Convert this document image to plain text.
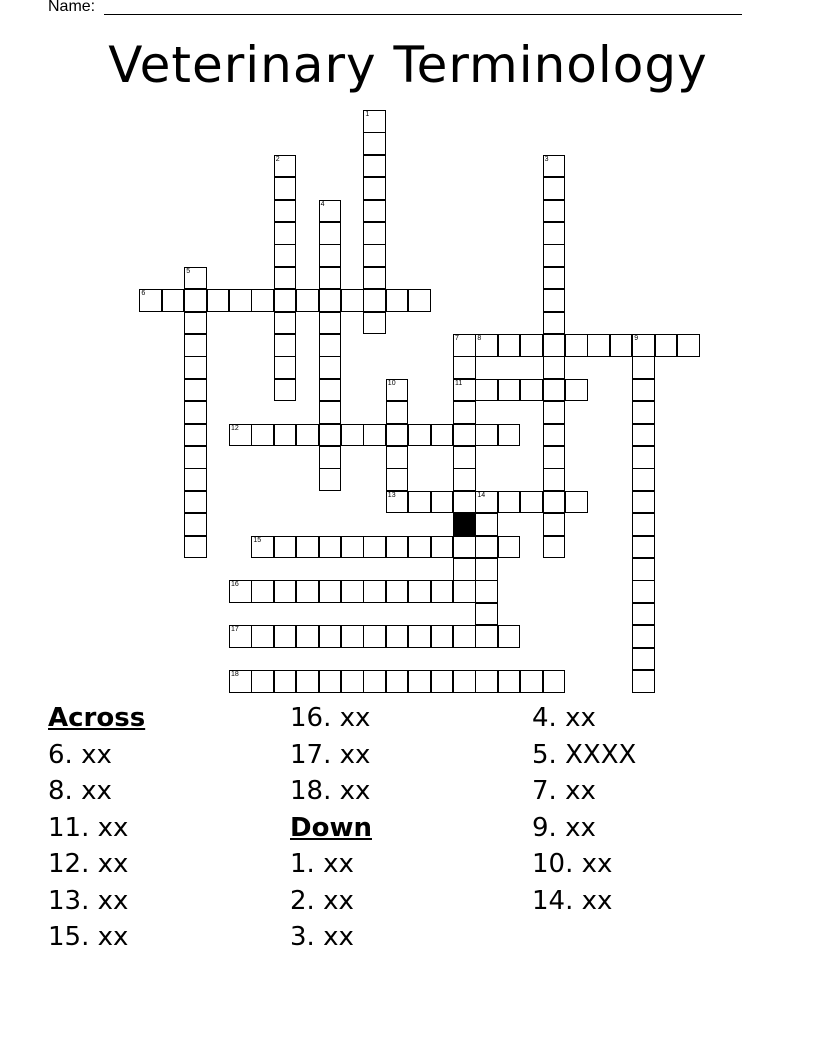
Name:
Veterinary Terminology
1
2	3
4
5
6
7
11
8	9
10
13
12
14
15
16
17
18
Across
6. xx
8. xx
11. xx
12. xx
13. xx
15. xx
16. xx
17. xx
18. xx
Down
1. xx
2. xx
3. xx
4. xx
5. XXXX
7. xx
9. xx
10. xx
14. xx
